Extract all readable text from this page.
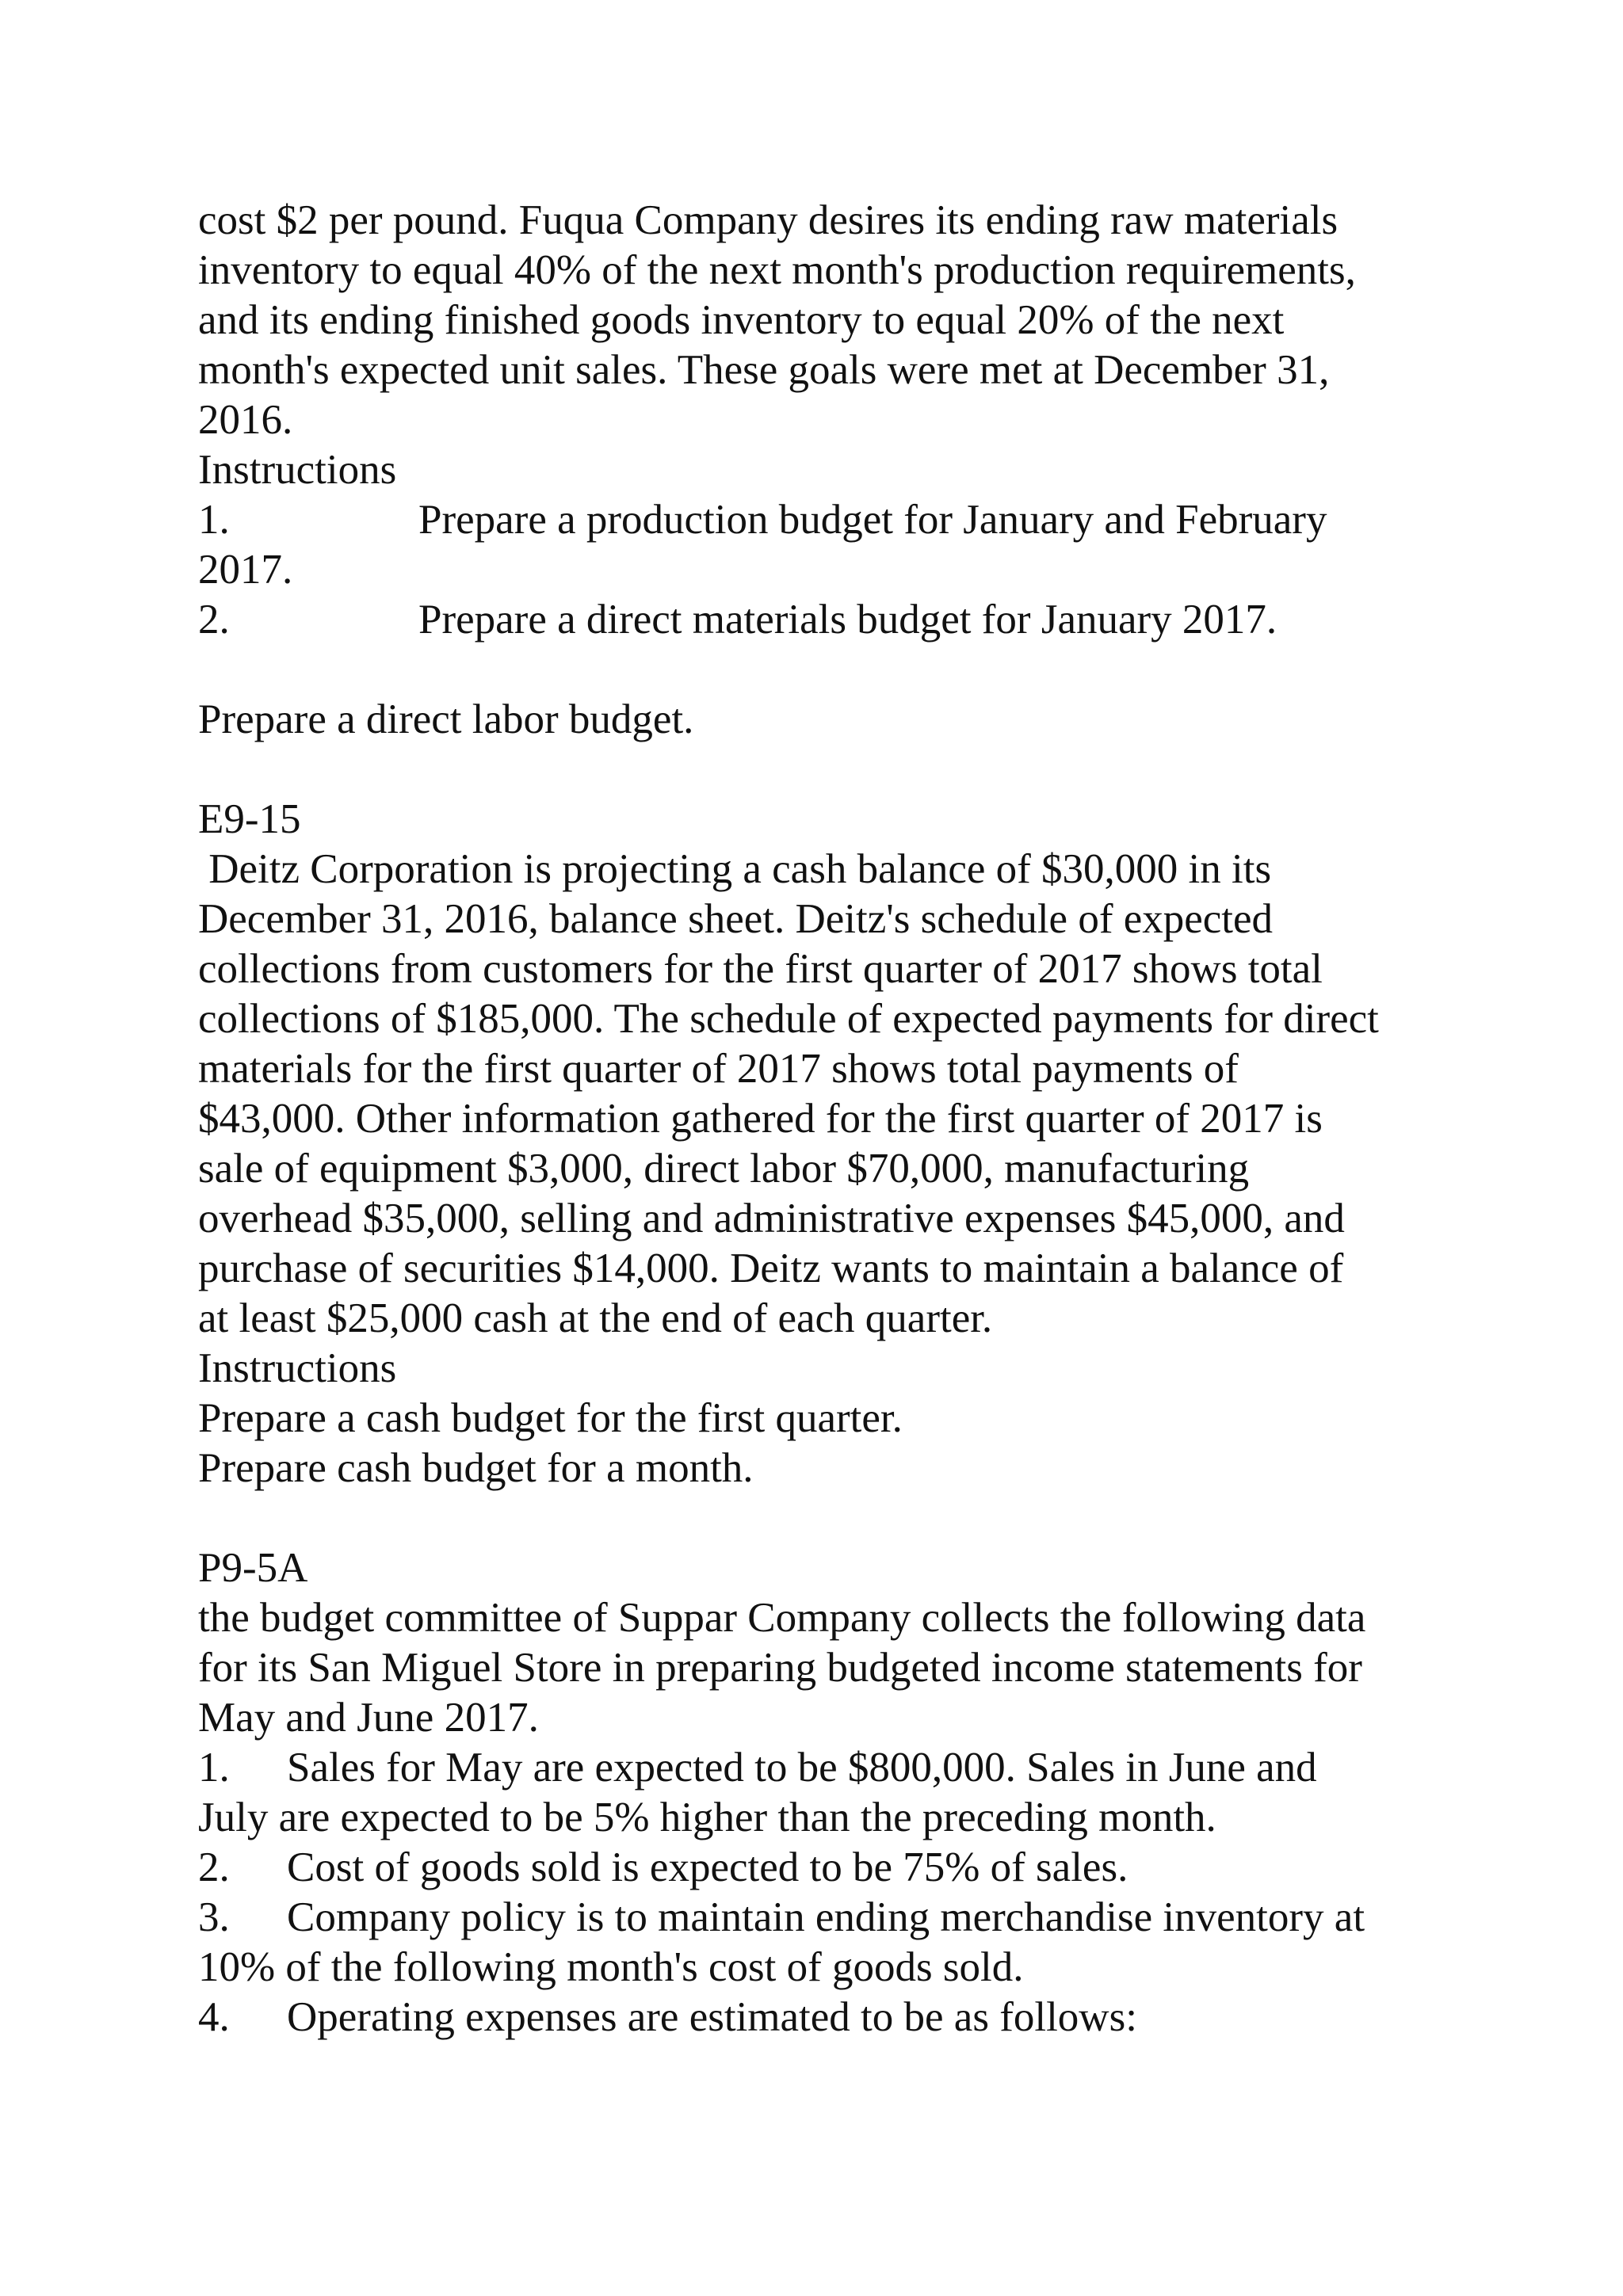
cost $2 per pound. Fuqua Company desires its ending raw materials
inventory to equal 40% of the next month's production requirements,
and its ending finished goods inventory to equal 20% of the next
month's expected unit sales. These goals were met at December 31,
2016.
Instructions
1.	Prepare a production budget for January and February
2017.
2.	Prepare a direct materials budget for January 2017.
Prepare a direct labor budget.
E9-15
Deitz Corporation is projecting a cash balance of $30,000 in its
December 31, 2016, balance sheet. Deitz's schedule of expected
collections from customers for the first quarter of 2017 shows total
collections of $185,000. The schedule of expected payments for direct
materials for the first quarter of 2017 shows total payments of
$43,000. Other information gathered for the first quarter of 2017 is
sale of equipment $3,000, direct labor $70,000, manufacturing
overhead $35,000, selling and administrative expenses $45,000, and
purchase of securities $14,000. Deitz wants to maintain a balance of
at least $25,000 cash at the end of each quarter.
Instructions
Prepare a cash budget for the first quarter.
Prepare cash budget for a month.
P9-5A
the budget committee of Suppar Company collects the following data
for its San Miguel Store in preparing budgeted income statements for
May and June 2017.
1. Sales for May are expected to be $800,000. Sales in June and
July are expected to be 5% higher than the preceding month.
2. Cost of goods sold is expected to be 75% of sales.
3. Company policy is to maintain ending merchandise inventory at
10% of the following month's cost of goods sold.
4. Operating expenses are estimated to be as follows:
